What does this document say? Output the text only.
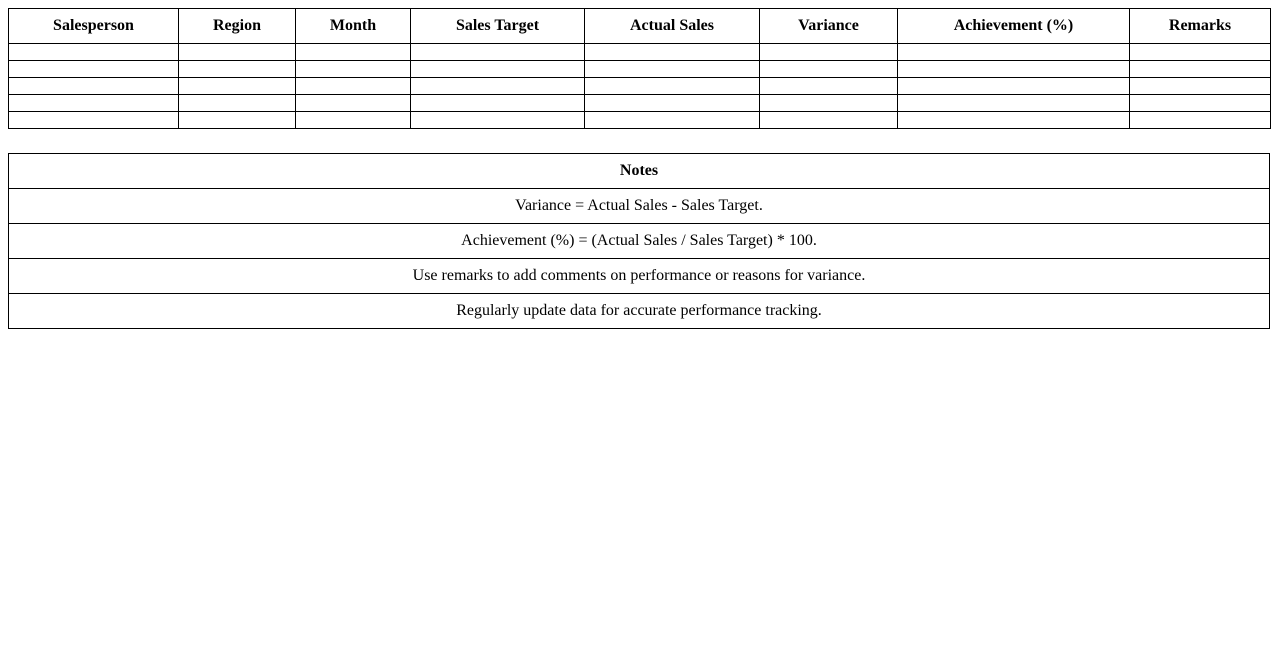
Salesperson	Region	Month	Sales Target	Actual Sales	Variance	Achievement (%)	Remarks

Notes
Variance = Actual Sales - Sales Target.
Achievement (%) = (Actual Sales / Sales Target) * 100.
Use remarks to add comments on performance or reasons for variance.
Regularly update data for accurate performance tracking.
